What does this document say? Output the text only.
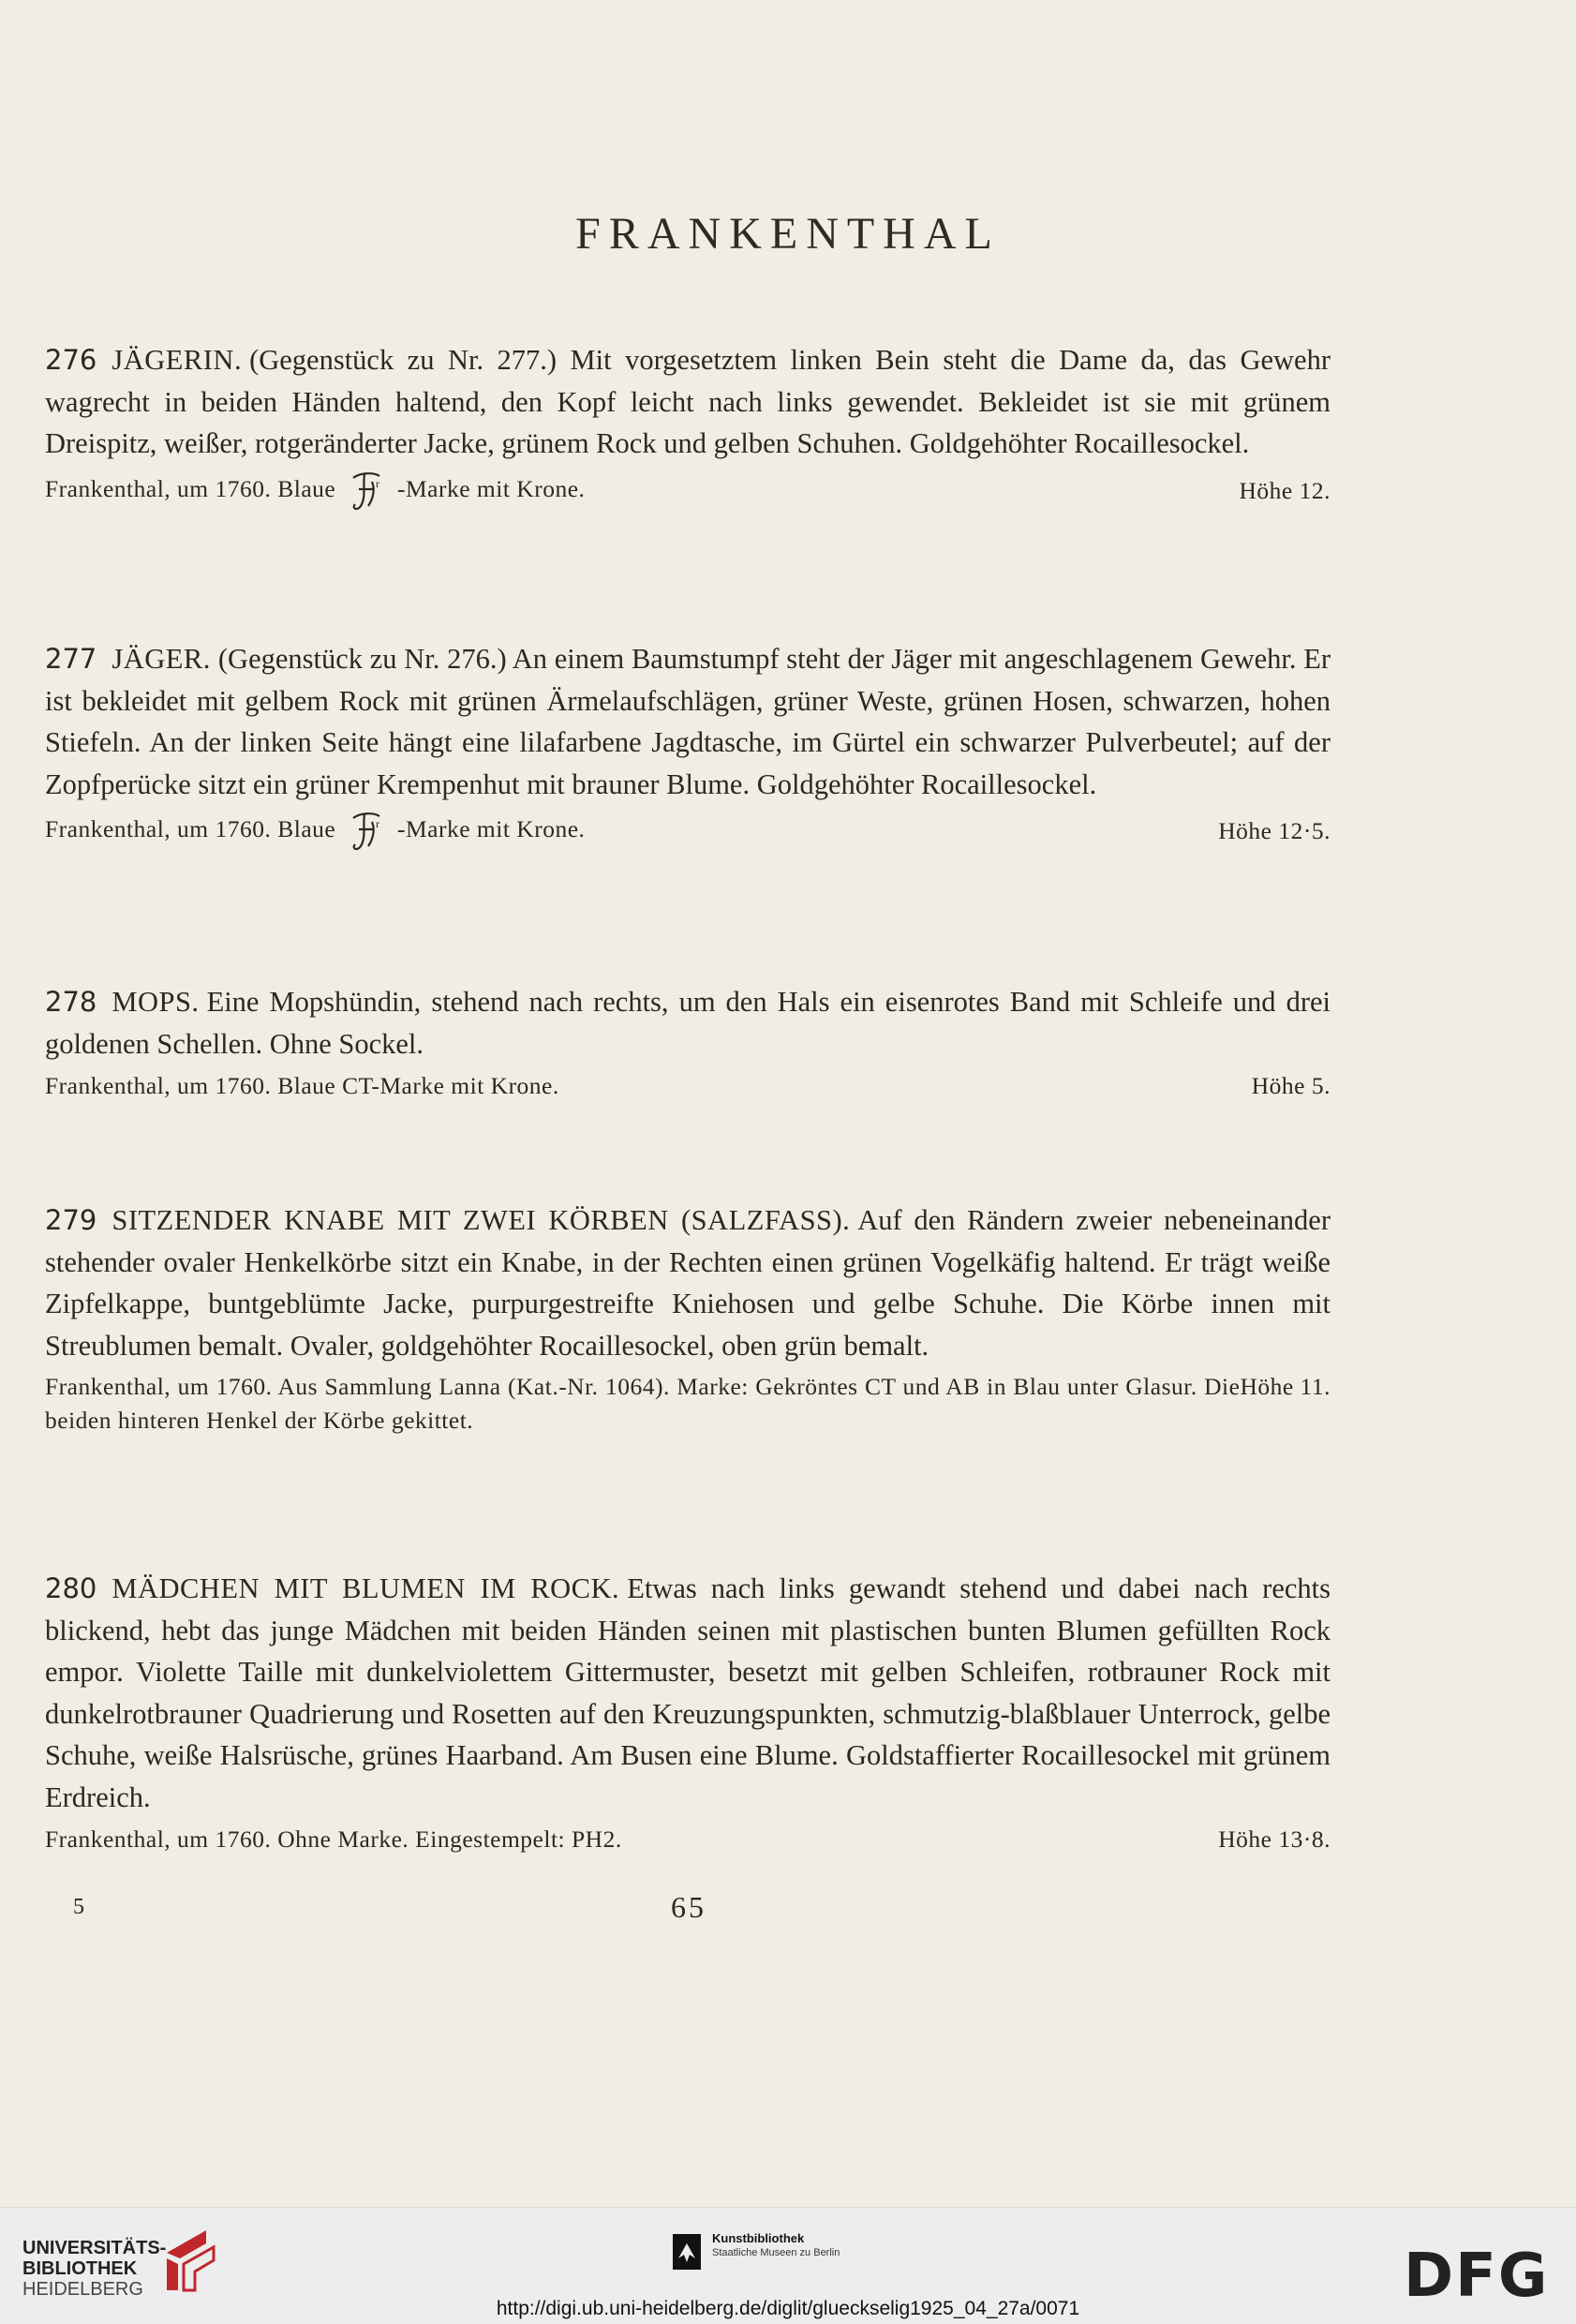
FRANKENTHAL

276 JÄGERIN. (Gegenstück zu Nr. 277.) Mit vorgesetztem linken Bein steht die Dame da, das Gewehr wagrecht in beiden Händen haltend, den Kopf leicht nach links gewendet. Bekleidet ist sie mit grünem Dreispitz, weißer, rotgeränderter Jacke, grünem Rock und gelben Schuhen. Goldgehöhter Rocaillesockel.

Frankenthal, um 1760. Blaue	r -Marke mit Krone.	Höhe 12.

277 JÄGER. (Gegenstück zu Nr. 276.) An einem Baumstumpf steht der Jäger mit angeschlagenem Gewehr. Er ist bekleidet mit gelbem Rock mit grünen Ärmelaufschlägen, grüner Weste, grünen Hosen, schwarzen, hohen Stiefeln. An der linken Seite hängt eine lilafarbene Jagdtasche, im Gürtel ein schwarzer Pulverbeutel; auf der Zopfperücke sitzt ein grüner Krempenhut mit brauner Blume. Goldgehöhter Rocaillesockel.

Frankenthal, um 1760. Blaue	r -Marke mit Krone.	Höhe 12·5.

278 MOPS. Eine Mopshündin, stehend nach rechts, um den Hals ein eisenrotes Band mit Schleife und drei goldenen Schellen. Ohne Sockel.

Frankenthal, um 1760. Blaue CT-Marke mit Krone.	Höhe 5.

279 SITZENDER KNABE MIT ZWEI KÖRBEN (SALZFASS). Auf den Rändern zweier nebeneinander stehender ovaler Henkelkörbe sitzt ein Knabe, in der Rechten einen grünen Vogelkäfig haltend. Er trägt weiße Zipfelkappe, buntgeblümte Jacke, purpurgestreifte Kniehosen und gelbe Schuhe. Die Körbe innen mit Streublumen bemalt. Ovaler, goldgehöhter Rocaillesockel, oben grün bemalt.

Höhe 11.
Frankenthal, um 1760. Aus Sammlung Lanna (Kat.-Nr. 1064). Marke: Gekröntes CT und AB in Blau unter Glasur. Die beiden hinteren Henkel der Körbe gekittet.

280 MÄDCHEN MIT BLUMEN IM ROCK. Etwas nach links gewandt stehend und dabei nach rechts blickend, hebt das junge Mädchen mit beiden Händen seinen mit plastischen bunten Blumen gefüllten Rock empor. Violette Taille mit dunkelviolettem Gittermuster, besetzt mit gelben Schleifen, rotbrauner Rock mit dunkelrotbrauner Quadrierung und Rosetten auf den Kreuzungspunkten, schmutzig-blaßblauer Unterrock, gelbe Schuhe, weiße Halsrüsche, grünes Haarband. Am Busen eine Blume. Goldstaffierter Rocaillesockel mit grünem Erdreich.

Frankenthal, um 1760. Ohne Marke. Eingestempelt: PH2.	Höhe 13·8.
5	65
UNIVERSITÄTS-
BIBLIOTHEK
HEIDELBERG
Kunstbibliothek
Staatliche Museen zu Berlin	DFG
http://digi.ub.uni-heidelberg.de/diglit/glueckselig1925_04_27a/0071
